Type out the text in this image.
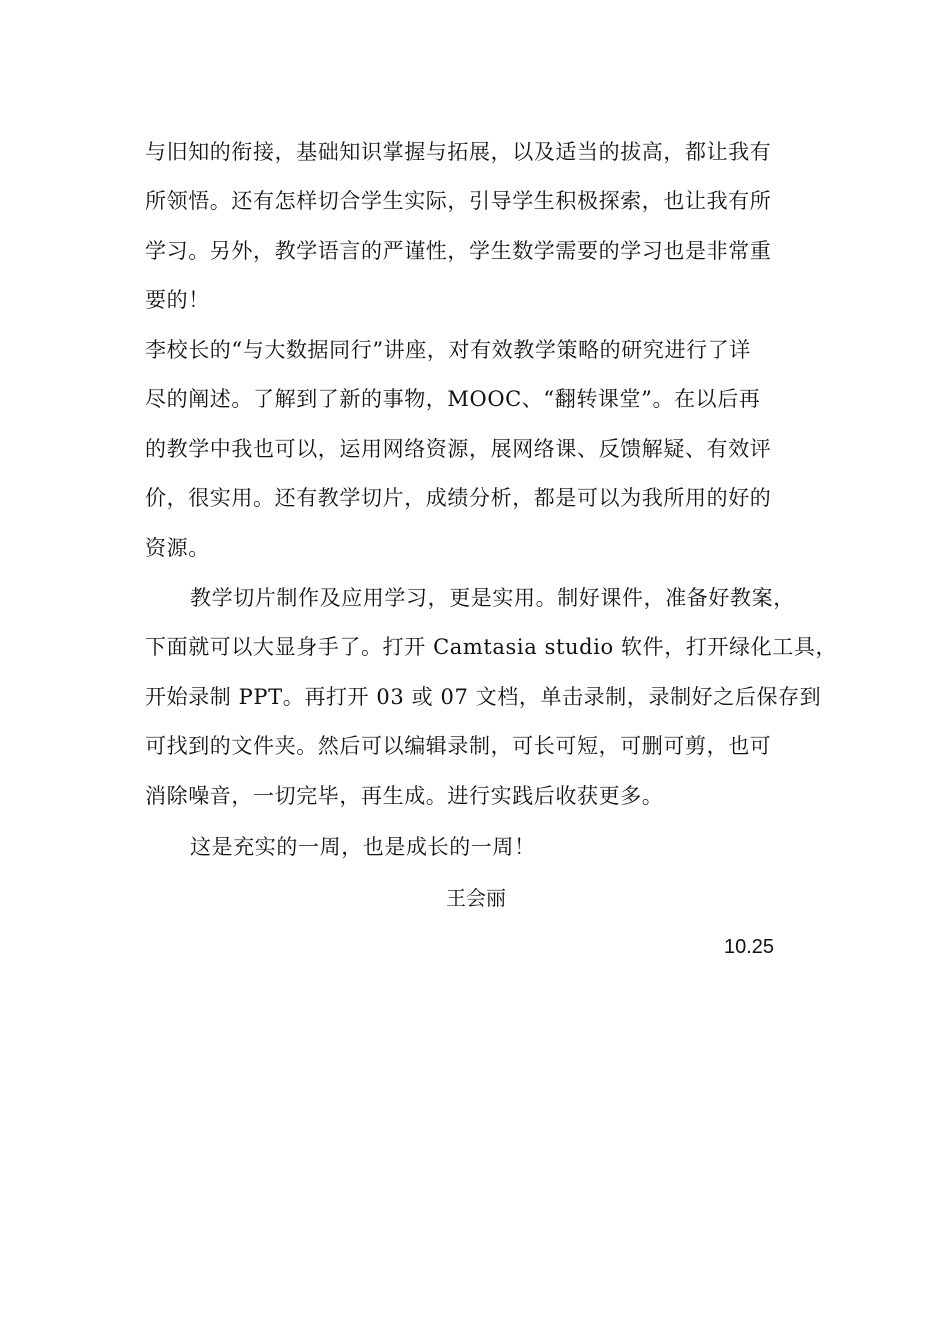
与旧知的衔接，基础知识掌握与拓展，以及适当的拔高，都让我有
所领悟。还有怎样切合学生实际，引导学生积极探索，也让我有所
学习。另外，教学语言的严谨性，学生数学需要的学习也是非常重
要的！
李校长的“与大数据同行”讲座，对有效教学策略的研究进行了详
尽的阐述。了解到了新的事物，MOOC、“翻转课堂”。在以后再
的教学中我也可以，运用网络资源，展网络课、反馈解疑、有效评
价，很实用。还有教学切片，成绩分析，都是可以为我所用的好的
资源。
教学切片制作及应用学习，更是实用。制好课件，准备好教案，
下面就可以大显身手了。打开 Camtasia studio 软件，打开绿化工具，
开始录制 PPT。再打开 03 或 07 文档，单击录制，录制好之后保存到
可找到的文件夹。然后可以编辑录制，可长可短，可删可剪，也可
消除噪音，一切完毕，再生成。进行实践后收获更多。
这是充实的一周，也是成长的一周！
王会丽
10.25
